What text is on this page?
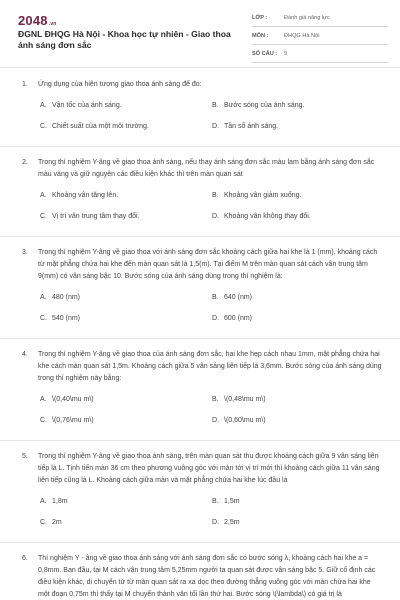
2048.vn
ĐGNL ĐHQG Hà Nội - Khoa học tự nhiên - Giao thoa ánh sáng đơn sắc
LỚP :	Đánh giá năng lực
MÔN :	ĐHQG Hà Nội
SỐ CÂU : 9
1. Ứng dụng của hiện tượng giao thoa ánh sáng để đo:
A. Vận tốc của ánh sáng.	B. Bước sóng của ánh sáng.
C. Chiết suất của một môi trường.	D. Tần số ánh sáng.
2. Trong thí nghiệm Y-âng về giao thoa ánh sáng, nếu thay ánh sáng đơn sắc màu lam bằng ánh sáng đơn sắc màu vàng và giữ nguyên các điều kiện khác thì trên màn quan sát
A. Khoảng vân tăng lên.	B. Khoảng vân giảm xuống.
C. Vị trí vân trung tâm thay đổi.	D. Khoảng vân không thay đổi.
3. Trong thí nghiệm Y-âng về giao thoa với ánh sáng đơn sắc khoảng cách giữa hai khe là 1 (mm), khoảng cách từ mặt phẳng chứa hai khe đến màn quan sát là 1,5(m). Tại điểm M trên màn quan sát cách vân trung tâm 9(mm) có vân sáng bậc 10. Bước sóng của ánh sáng dùng trong thí nghiệm là:
A. 480 (nm)	B. 640 (nm)
C. 540 (nm)	D. 600 (nm)
4. Trong thí nghiệm Y-âng về giao thoa của ánh sáng đơn sắc, hai khe hẹp cách nhau 1mm, mặt phẳng chứa hai khe cách màn quan sát 1,5m. Khoảng cách giữa 5 vân sáng liên tiếp là 3,6mm. Bước sóng của ánh sáng dùng trong thí nghiệm này bằng:
A. \(0,40\mu m\)	B. \(0,48\mu m\)
C. \(0,76\mu m\)	D. \(0,60\mu m\)
5. Trong thí nghiệm Y-âng về giao thoa ánh sáng, trên màn quan sát thu được khoảng cách giữa 9 vân sáng liên tiếp là L. Tịnh tiến màn 36 cm theo phương vuông góc với màn tới vị trí mới thì khoảng cách giữa 11 vân sáng liên tiếp cũng là L. Khoảng cách giữa màn và mặt phẳng chứa hai khe lúc đầu là
A. 1,8m	B. 1,5m
C. 2m	D. 2,5m
6. Thí nghiệm Y - âng về giao thoa ánh sáng với ánh sáng đơn sắc có bước sóng λ, khoảng cách hai khe a = 0,8mm. Ban đầu, tại M cách vân trung tâm 5,25mm người ta quan sát được vân sáng bậc 5. Giữ cố định các điều kiện khác, di chuyển từ từ màn quan sát ra xa dọc theo đường thẳng vuông góc với màn chứa hai khe một đoạn 0,75m thì thấy tại M chuyển thành vân tối lần thứ hai. Bước sóng \(\lambda\) có giá trị là
